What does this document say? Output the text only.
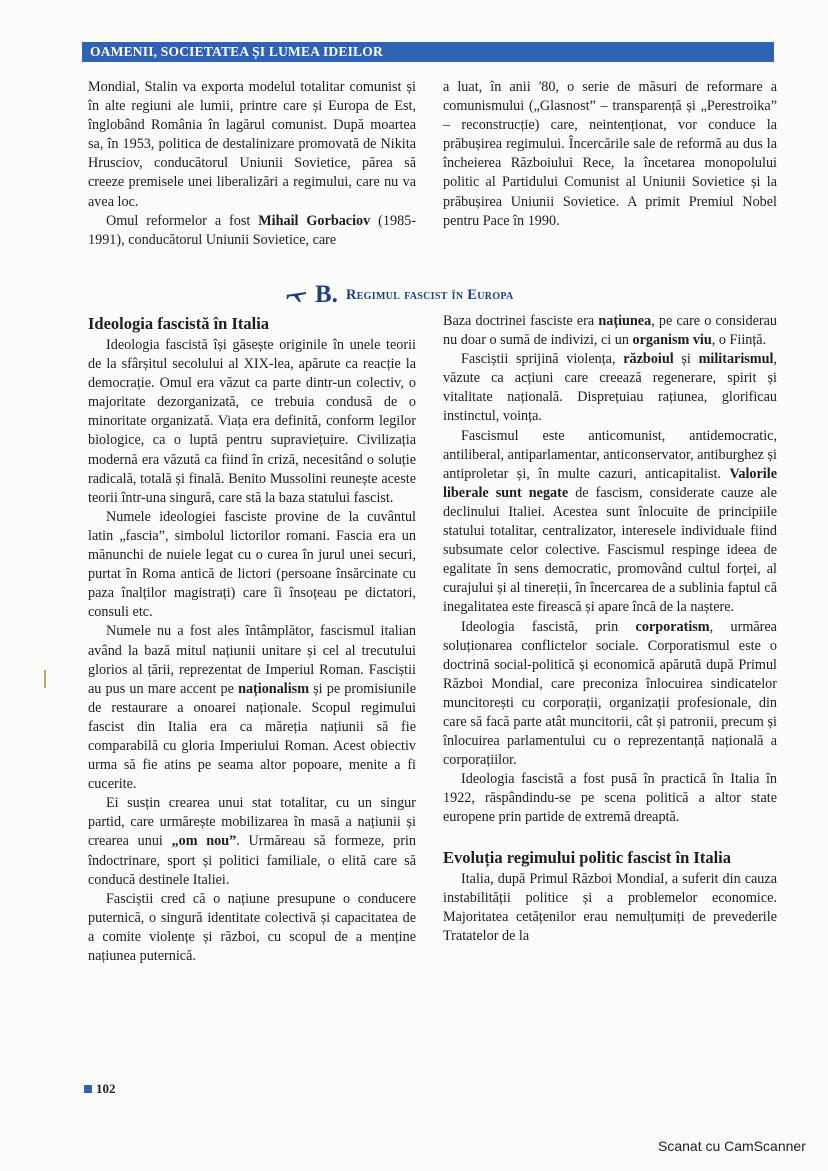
OAMENII, SOCIETATEA ȘI LUMEA IDEILOR

Mondial, Stalin va exporta modelul totalitar comunist și în alte regiuni ale lumii, printre care și Europa de Est, înglobând România în lagărul comunist. După moartea sa, în 1953, politica de destalinizare promovată de Nikita Hrusciov, conducătorul Uniunii Sovietice, părea să creeze premisele unei liberalizări a regimului, care nu va avea loc.

Omul reformelor a fost Mihail Gorbaciov (1985-1991), conducătorul Uniunii Sovietice, care

a luat, în anii '80, o serie de măsuri de reformare a comunismului („Glasnost” – transparență și „Perestroika” – reconstrucție) care, neintenționat, vor conduce la prăbușirea regimului. Încercările sale de reformă au dus la încheierea Războiului Rece, la încetarea monopolului politic al Partidului Comunist al Uniunii Sovietice și la prăbușirea Uniunii Sovietice. A primit Premiul Nobel pentru Pace în 1990.

B. Regimul fascist în Europa
Ideologia fascistă în Italia

Ideologia fascistă își găsește originile în unele teorii de la sfârșitul secolului al XIX-lea, apărute ca reacție la democrație. Omul era văzut ca parte dintr-un colectiv, o majoritate dezorganizată, ce trebuia condusă de o minoritate organizată. Viața era definită, conform legilor biologice, ca o luptă pentru supraviețuire. Civilizația modernă era văzută ca fiind în criză, necesitând o soluție radicală, totală și finală. Benito Mussolini reunește aceste teorii într-una singură, care stă la baza statului fascist.

Numele ideologiei fasciste provine de la cuvântul latin „fascia”, simbolul lictorilor romani. Fascia era un mănunchi de nuiele legat cu o curea în jurul unei securi, purtat în Roma antică de lictori (persoane însărcinate cu paza înalților magistrați) care îi însoțeau pe dictatori, consuli etc.

Numele nu a fost ales întâmplător, fascismul italian având la bază mitul națiunii unitare și cel al trecutului glorios al țării, reprezentat de Imperiul Roman. Fasciștii au pus un mare accent pe naționalism și pe promisiunile de restaurare a onoarei naționale. Scopul regimului fascist din Italia era ca măreția națiunii să fie comparabilă cu gloria Imperiului Roman. Acest obiectiv urma să fie atins pe seama altor popoare, menite a fi cucerite.

Ei susțin crearea unui stat totalitar, cu un singur partid, care urmărește mobilizarea în masă a națiunii și crearea unui „om nou”. Urmăreau să formeze, prin îndoctrinare, sport și politici familiale, o elită care să conducă destinele Italiei.

Fasciștii cred că o națiune presupune o conducere puternică, o singură identitate colectivă și capacitatea de a comite violențe și război, cu scopul de a menține națiunea puternică.

Baza doctrinei fasciste era națiunea, pe care o considerau nu doar o sumă de indivizi, ci un organism viu, o Ființă.

Fasciștii sprijină violența, războiul și militarismul, văzute ca acțiuni care creează regenerare, spirit și vitalitate națională. Disprețuiau rațiunea, glorificau instinctul, voința.

Fascismul este anticomunist, antidemocratic, antiliberal, antiparlamentar, anticonservator, antiburghez și antiproletar și, în multe cazuri, anticapitalist. Valorile liberale sunt negate de fascism, considerate cauze ale declinului Italiei. Acestea sunt înlocuite de principiile statului totalitar, centralizator, interesele individuale fiind subsumate celor colective. Fascismul respinge ideea de egalitate în sens democratic, promovând cultul forței, al curajului și al tinereții, în încercarea de a sublinia faptul că inegalitatea este firească și apare încă de la naștere.

Ideologia fascistă, prin corporatism, urmărea soluționarea conflictelor sociale. Corporatismul este o doctrină social-politică și economică apărută după Primul Război Mondial, care preconiza înlocuirea sindicatelor muncitorești cu corporații, organizații profesionale, din care să facă parte atât muncitorii, cât și patronii, precum și înlocuirea parlamentului cu o reprezentanță națională a corporațiilor.

Ideologia fascistă a fost pusă în practică în Italia în 1922, răspândindu-se pe scena politică a altor state europene prin partide de extremă dreaptă.

Evoluția regimului politic fascist în Italia

Italia, după Primul Război Mondial, a suferit din cauza instabilității politice și a problemelor economice. Majoritatea cetățenilor erau nemulțumiți de prevederile Tratatelor de la

102
Scanat cu CamScanner
